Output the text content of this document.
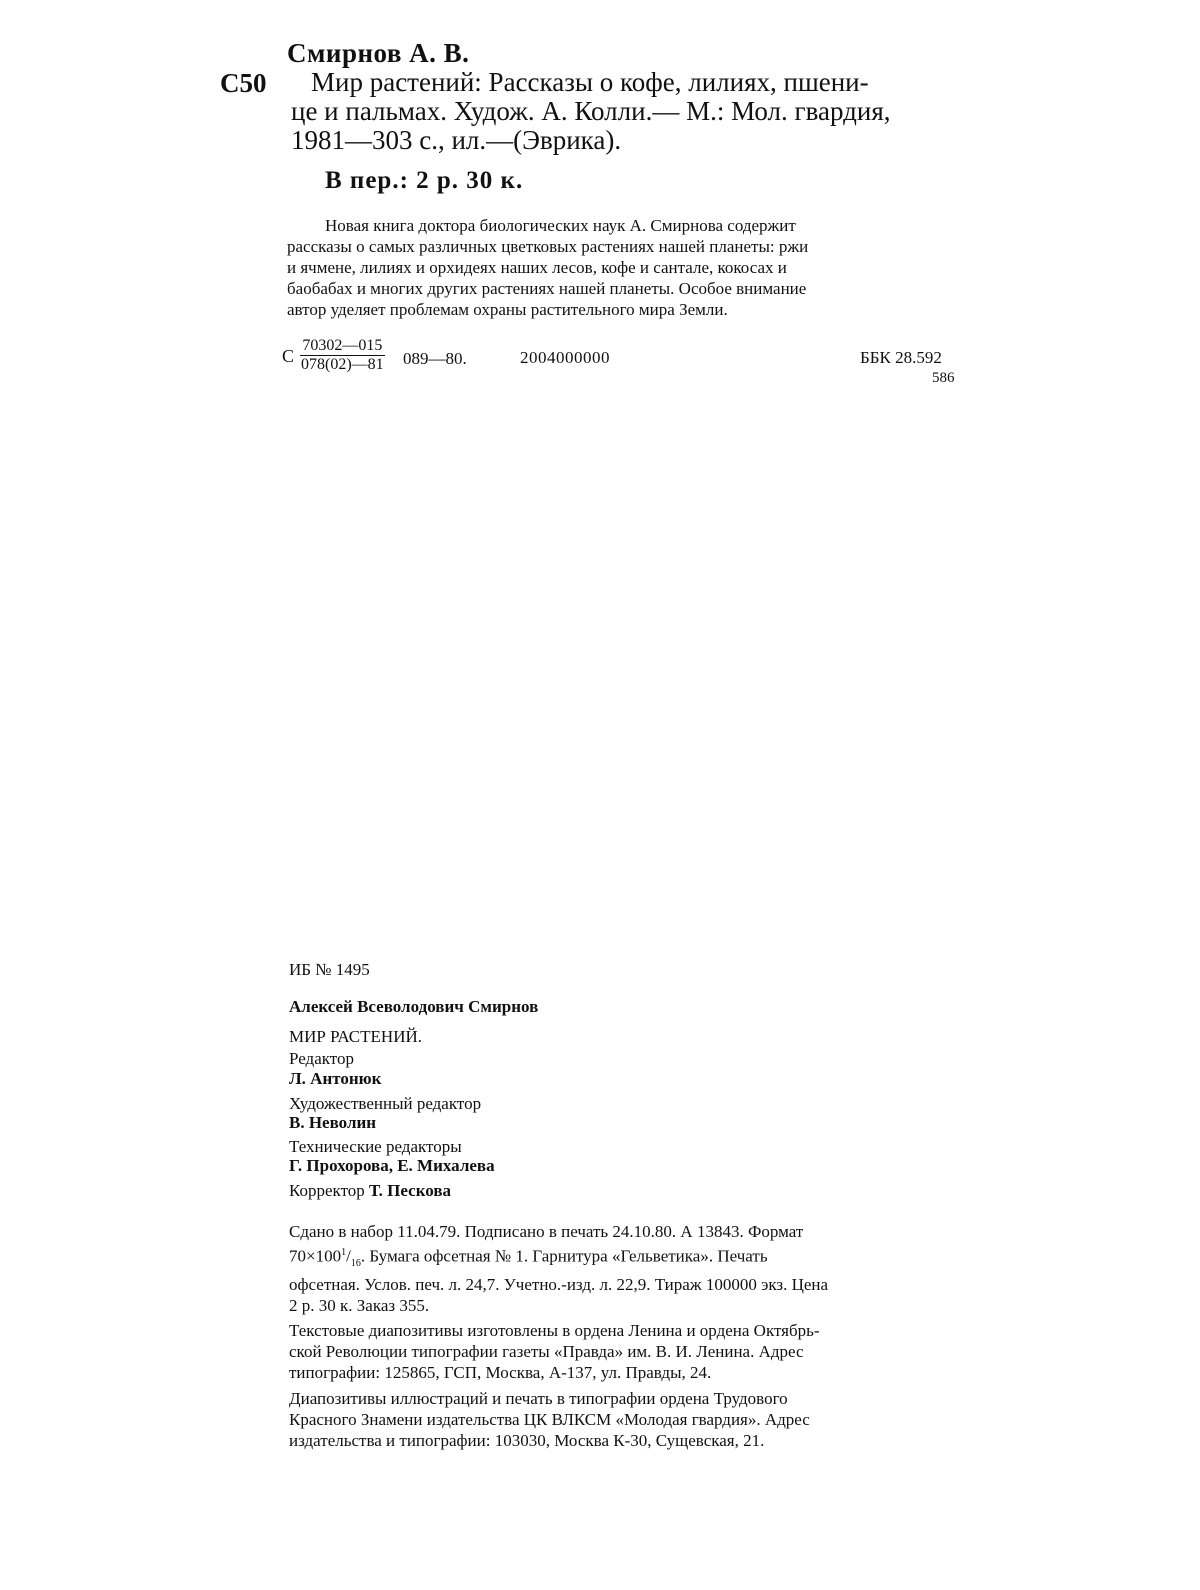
Смирнов А. В.
С50	Мир растений: Рассказы о кофе, лилиях, пшени-
це и пальмах. Худож. А. Колли.— М.: Мол. гвардия,
1981—303 с., ил.—(Эврика).
В пер.: 2 р. 30 к.
Новая книга доктора биологических наук А. Смирнова содержит
рассказы о самых различных цветковых растениях нашей планеты: ржи
и ячмене, лилиях и орхидеях наших лесов, кофе и сантале, кокосах и
баобабах и многих других растениях нашей планеты. Особое внимание
автор уделяет проблемам охраны растительного мира Земли.
С $\frac{70302—015}{078(02)—81}$ 089—80.	2004000000	ББК 28.592
586
ИБ № 1495
Алексей Всеволодович Смирнов
МИР РАСТЕНИЙ.
Редактор
Л. Антонюк
Художественный редактор
В. Неволин
Технические редакторы
Г. Прохорова, Е. Михалева
Корректор Т. Пескова
Сдано в набор 11.04.79. Подписано в печать 24.10.80. А 13843. Формат
$70\times 100^1/_{16}$. Бумага офсетная № 1. Гарнитура «Гельветика». Печать
офсетная. Услов. печ. л. 24,7. Учетно.-изд. л. 22,9. Тираж 100000 экз. Цена
2 р. 30 к. Заказ 355.
Текстовые диапозитивы изготовлены в ордена Ленина и ордена Октябрь-
ской Революции типографии газеты «Правда» им. В. И. Ленина. Адрес
типографии: 125865, ГСП, Москва, А-137, ул. Правды, 24.
Диапозитивы иллюстраций и печать в типографии ордена Трудового
Красного Знамени издательства ЦК ВЛКСМ «Молодая гвардия». Адрес
издательства и типографии: 103030, Москва К-30, Сущевская, 21.
